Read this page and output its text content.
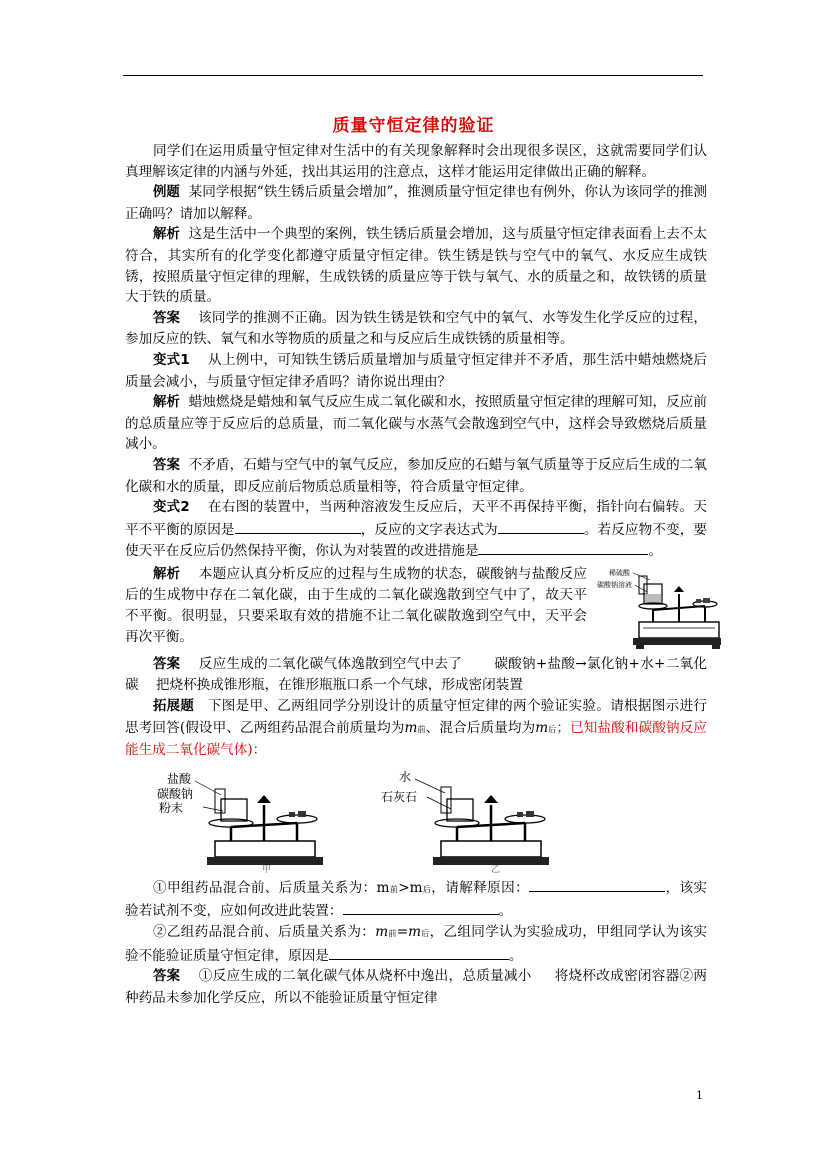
质量守恒定律的验证

同学们在运用质量守恒定律对生活中的有关现象解释时会出现很多误区，这就需要同学们认真理解该定律的内涵与外延，找出其运用的注意点，这样才能运用定律做出正确的解释。

例题 某同学根据“铁生锈后质量会增加”，推测质量守恒定律也有例外，你认为该同学的推测正确吗？请加以解释。

解析 这是生活中一个典型的案例，铁生锈后质量会增加，这与质量守恒定律表面看上去不太符合，其实所有的化学变化都遵守质量守恒定律。铁生锈是铁与空气中的氧气、水反应生成铁锈，按照质量守恒定律的理解，生成铁锈的质量应等于铁与氧气、水的质量之和，故铁锈的质量大于铁的质量。

答案 该同学的推测不正确。因为铁生锈是铁和空气中的氧气、水等发生化学反应的过程，参加反应的铁、氧气和水等物质的质量之和与反应后生成铁锈的质量相等。

变式1 从上例中，可知铁生锈后质量增加与质量守恒定律并不矛盾，那生活中蜡烛燃烧后质量会减小，与质量守恒定律矛盾吗？请你说出理由？

解析 蜡烛燃烧是蜡烛和氧气反应生成二氧化碳和水，按照质量守恒定律的理解可知，反应前的总质量应等于反应后的总质量，而二氧化碳与水蒸气会散逸到空气中，这样会导致燃烧后质量减小。

答案 不矛盾，石蜡与空气中的氧气反应，参加反应的石蜡与氧气质量等于反应后生成的二氧化碳和水的质量，即反应前后物质总质量相等，符合质量守恒定律。

变式2 在右图的装置中，当两种溶液发生反应后，天平不再保持平衡，指针向右偏转。天平不平衡的原因是	，反应的文字表达式为	。若反应物不变，要使天平在反应后仍然保持平衡，你认为对装置的改进措施是	。

稀硫酸
碳酸钠溶液
解析 本题应认真分析反应的过程与生成物的状态，碳酸钠与盐酸反应后的生成物中存在二氧化碳，由于生成的二氧化碳逸散到空气中了，故天平不平衡。很明显，只要采取有效的措施不让二氧化碳散逸到空气中，天平会再次平衡。

答案 反应生成的二氧化碳气体逸散到空气中去了 碳酸钠+盐酸→氯化钠+水+二氧化碳 把烧杯换成锥形瓶，在锥形瓶瓶口系一个气球，形成密闭装置

拓展题 下图是甲、乙两组同学分别设计的质量守恒定律的两个验证实验。请根据图示进行思考回答(假设甲、乙两组药品混合前质量均为m前、混合后质量均为m后；已知盐酸和碳酸钠反应能生成二氧化碳气体)：

盐酸
碳酸钠
粉末
甲
水
石灰石
乙

①甲组药品混合前、后质量关系为：m前>m后，请解释原因：	，该实验若试剂不变，应如何改进此装置：	。

②乙组药品混合前、后质量关系为：m前=m后，乙组同学认为实验成功，甲组同学认为该实验不能验证质量守恒定律，原因是	。

答案 ①反应生成的二氧化碳气体从烧杯中逸出，总质量减小 将烧杯改成密闭容器②两种药品未参加化学反应，所以不能验证质量守恒定律

1
